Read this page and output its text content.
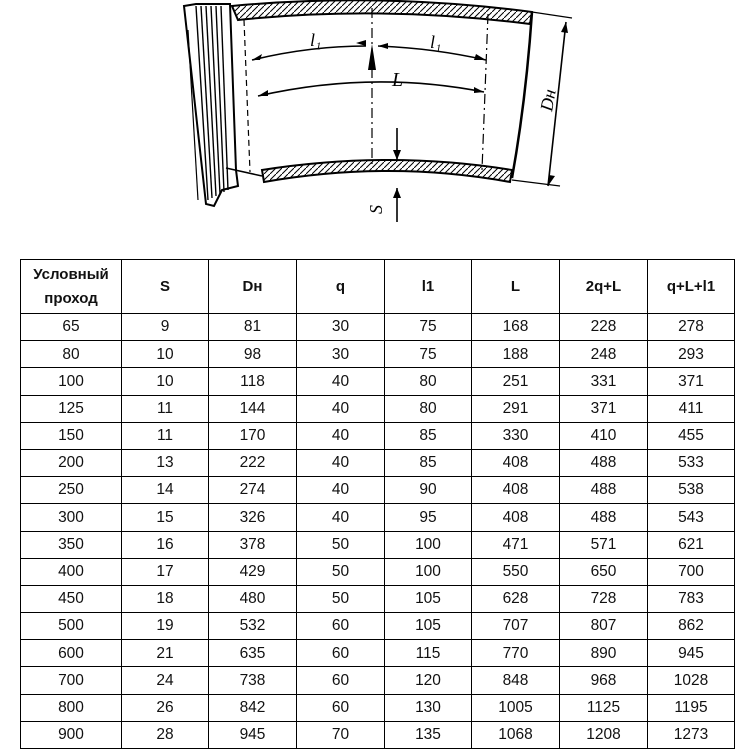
l₁	l₁
L
Dн
S
Условный проход	S	Dн	q	l1	L	2q+L	q+L+l1
65	9	81	30	75	168	228	278
80	10	98	30	75	188	248	293
100	10	118	40	80	251	331	371
125	11	144	40	80	291	371	411
150	11	170	40	85	330	410	455
200	13	222	40	85	408	488	533
250	14	274	40	90	408	488	538
300	15	326	40	95	408	488	543
350	16	378	50	100	471	571	621
400	17	429	50	100	550	650	700
450	18	480	50	105	628	728	783
500	19	532	60	105	707	807	862
600	21	635	60	115	770	890	945
700	24	738	60	120	848	968	1028
800	26	842	60	130	1005	1125	1195
900	28	945	70	135	1068	1208	1273
